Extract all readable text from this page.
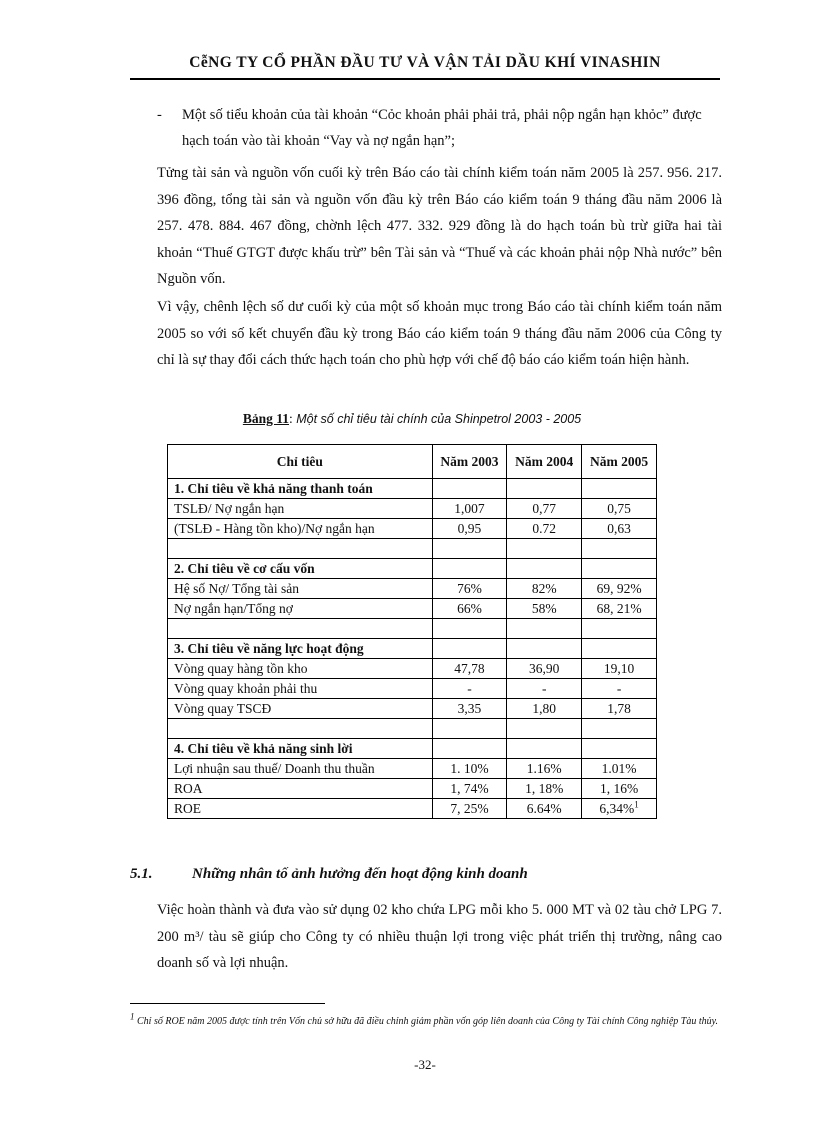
CễNG TY CỔ PHẦN ĐẦU TƯ VÀ VẬN TẢI DẦU KHÍ VINASHIN
- Một số tiểu khoản của tài khoản “Cỏc khoản phải phải trả, phải nộp ngắn hạn khỏc” được hạch toán vào tài khoản “Vay và nợ ngắn hạn”;
Tửng tài sản và nguồn vốn cuối kỳ trên Báo cáo tài chính kiểm toán năm 2005 là 257. 956. 217. 396 đồng, tổng tài sản và nguồn vốn đầu kỳ trên Báo cáo kiểm toán 9 tháng đầu năm 2006 là 257. 478. 884. 467 đồng, chờnh lệch 477. 332. 929 đồng là do hạch toán bù trừ giữa hai tài khoản “Thuế GTGT được khấu trừ” bên Tài sản và “Thuế và các khoản phải nộp Nhà nước” bên Nguồn vốn.
Vì vậy, chênh lệch số dư cuối kỳ của một số khoản mục trong Báo cáo tài chính kiểm toán năm 2005 so với số kết chuyển đầu kỳ trong Báo cáo kiểm toán 9 tháng đầu năm 2006 của Công ty chỉ là sự thay đổi cách thức hạch toán cho phù hợp với chế độ báo cáo kiểm toán hiện hành.
Bảng 11: Một số chỉ tiêu tài chính của Shinpetrol 2003 - 2005
Chỉ tiêu	Năm 2003	Năm 2004	Năm 2005
1. Chỉ tiêu về khả năng thanh toán			
TSLĐ/ Nợ ngắn hạn	1,007	0,77	0,75
(TSLĐ - Hàng tồn kho)/Nợ ngắn hạn	0,95	0.72	0,63

2. Chỉ tiêu về cơ cấu vốn			
Hệ số Nợ/ Tổng tài sản	76%	82%	69, 92%
Nợ ngắn hạn/Tổng nợ	66%	58%	68, 21%

3. Chỉ tiêu về năng lực hoạt động			
Vòng quay hàng tồn kho	47,78	36,90	19,10
Vòng quay khoản phải thu	-	-	-
Vòng quay TSCĐ	3,35	1,80	1,78

4. Chỉ tiêu về khả năng sinh lời			
Lợi nhuận sau thuế/ Doanh thu thuần	1. 10%	1.16%	1.01%
ROA	1, 74%	1, 18%	1, 16%
ROE	7, 25%	6.64%	6,34%$^1$
5.1.	Những nhân tố ảnh hưởng đến hoạt động kinh doanh
Việc hoàn thành và đưa vào sử dụng 02 kho chứa LPG mỗi kho 5. 000 MT và 02 tàu chở LPG 7. 200 m³/ tàu sẽ giúp cho Công ty có nhiều thuận lợi trong việc phát triển thị trường, nâng cao doanh số và lợi nhuận.
$^1$ Chỉ số ROE năm 2005 được tính trên Vốn chủ sở hữu đã điều chỉnh giảm phần vốn góp liên doanh của Công ty Tài chính Công nghiệp Tàu thủy.
-32-
